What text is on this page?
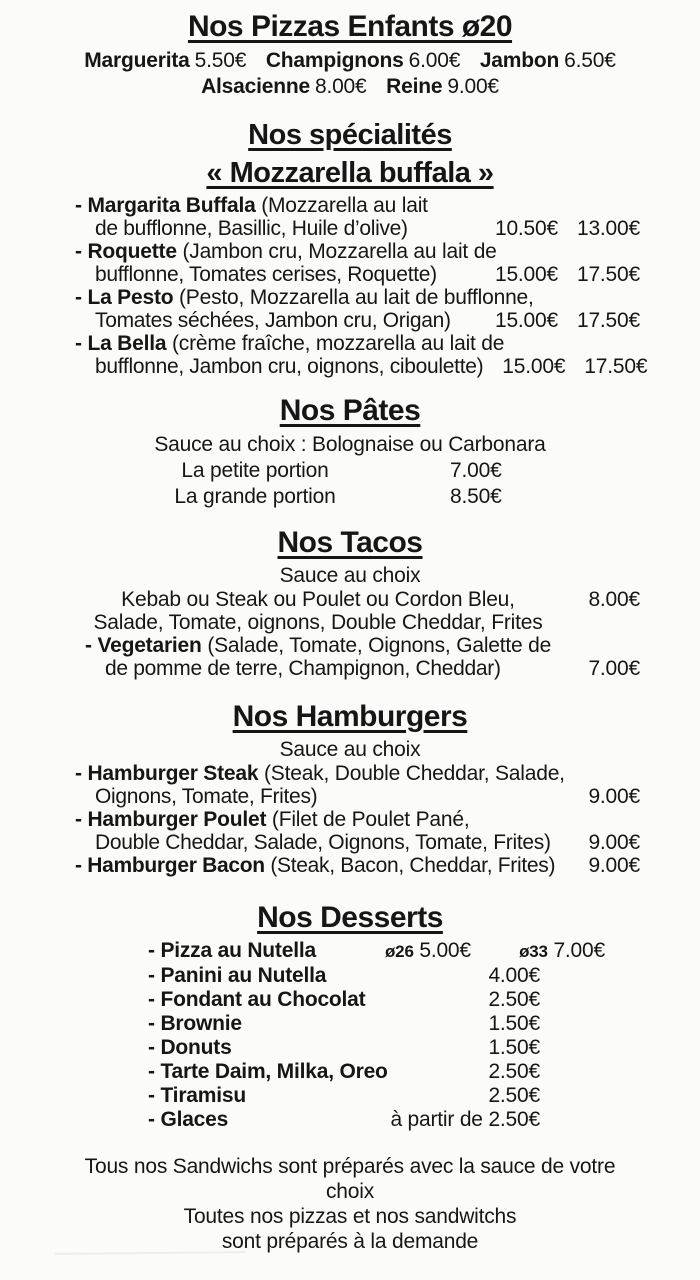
Nos Pizzas Enfants ø20
Marguerita 5.50€ Champignons 6.00€ Jambon 6.50€
Alsacienne 8.00€ Reine 9.00€
Nos spécialités
« Mozzarella buffala »
- Margarita Buffala (Mozzarella au lait
de bufflonne, Basillic, Huile d’olive)	10.50€ 13.00€
- Roquette (Jambon cru, Mozzarella au lait de
bufflonne, Tomates cerises, Roquette)	15.00€ 17.50€
- La Pesto (Pesto, Mozzarella au lait de bufflonne,
Tomates séchées, Jambon cru, Origan)	15.00€ 17.50€
- La Bella (crème fraîche, mozzarella au lait de
bufflonne, Jambon cru, oignons, ciboulette) 15.00€ 17.50€
Nos Pâtes
Sauce au choix : Bolognaise ou Carbonara
La petite portion	7.00€
La grande portion	8.50€
Nos Tacos
Sauce au choix
Kebab ou Steak ou Poulet ou Cordon Bleu,	8.00€
Salade, Tomate, oignons, Double Cheddar, Frites
- Vegetarien (Salade, Tomate, Oignons, Galette de
de pomme de terre, Champignon, Cheddar)	7.00€
Nos Hamburgers
Sauce au choix
- Hamburger Steak (Steak, Double Cheddar, Salade,
Oignons, Tomate, Frites)	9.00€
- Hamburger Poulet (Filet de Poulet Pané,
Double Cheddar, Salade, Oignons, Tomate, Frites)	9.00€
- Hamburger Bacon (Steak, Bacon, Cheddar, Frites)	9.00€
Nos Desserts
- Pizza au Nutella	ø26 5.00€	ø33 7.00€
- Panini au Nutella	4.00€
- Fondant au Chocolat	2.50€
- Brownie	1.50€
- Donuts	1.50€
- Tarte Daim, Milka, Oreo	2.50€
- Tiramisu	2.50€
- Glaces	à partir de 2.50€
Tous nos Sandwichs sont préparés avec la sauce de votre choix
Toutes nos pizzas et nos sandwitchs
sont préparés à la demande
